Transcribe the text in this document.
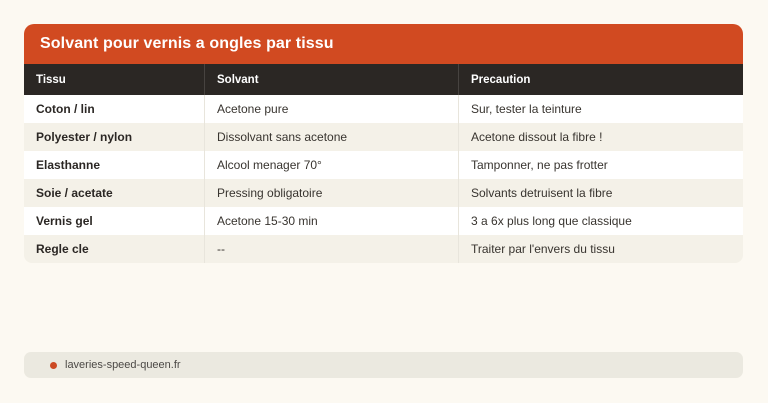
Solvant pour vernis a ongles par tissu
Tissu	Solvant	Precaution
Coton / lin	Acetone pure	Sur, tester la teinture
Polyester / nylon	Dissolvant sans acetone	Acetone dissout la fibre !
Elasthanne	Alcool menager 70°	Tamponner, ne pas frotter
Soie / acetate	Pressing obligatoire	Solvants detruisent la fibre
Vernis gel	Acetone 15-30 min	3 a 6x plus long que classique
Regle cle	--	Traiter par l'envers du tissu
laveries-speed-queen.fr
